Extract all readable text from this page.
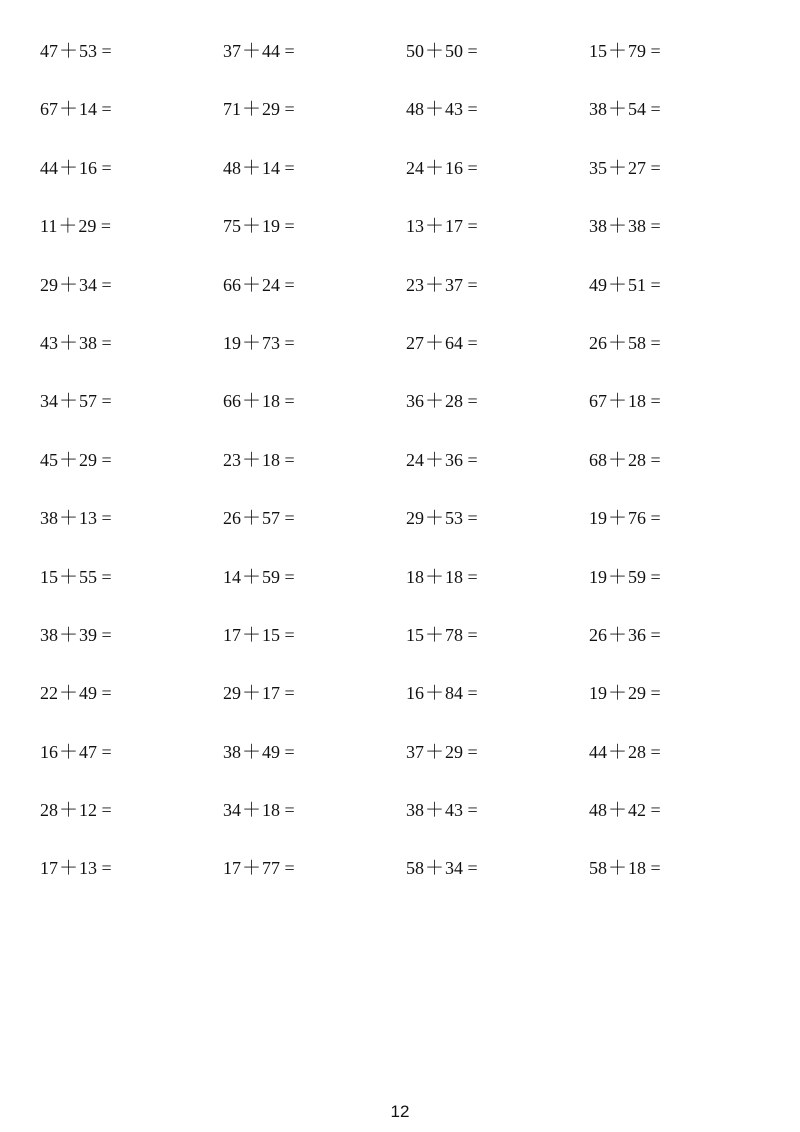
47＋53 =	37＋44 =	50＋50 =	15＋79 =
67＋14 =	71＋29 =	48＋43 =	38＋54 =
44＋16 =	48＋14 =	24＋16 =	35＋27 =
11＋29 =	75＋19 =	13＋17 =	38＋38 =
29＋34 =	66＋24 =	23＋37 =	49＋51 =
43＋38 =	19＋73 =	27＋64 =	26＋58 =
34＋57 =	66＋18 =	36＋28 =	67＋18 =
45＋29 =	23＋18 =	24＋36 =	68＋28 =
38＋13 =	26＋57 =	29＋53 =	19＋76 =
15＋55 =	14＋59 =	18＋18 =	19＋59 =
38＋39 =	17＋15 =	15＋78 =	26＋36 =
22＋49 =	29＋17 =	16＋84 =	19＋29 =
16＋47 =	38＋49 =	37＋29 =	44＋28 =
28＋12 =	34＋18 =	38＋43 =	48＋42 =
17＋13 =	17＋77 =	58＋34 =	58＋18 =
12
